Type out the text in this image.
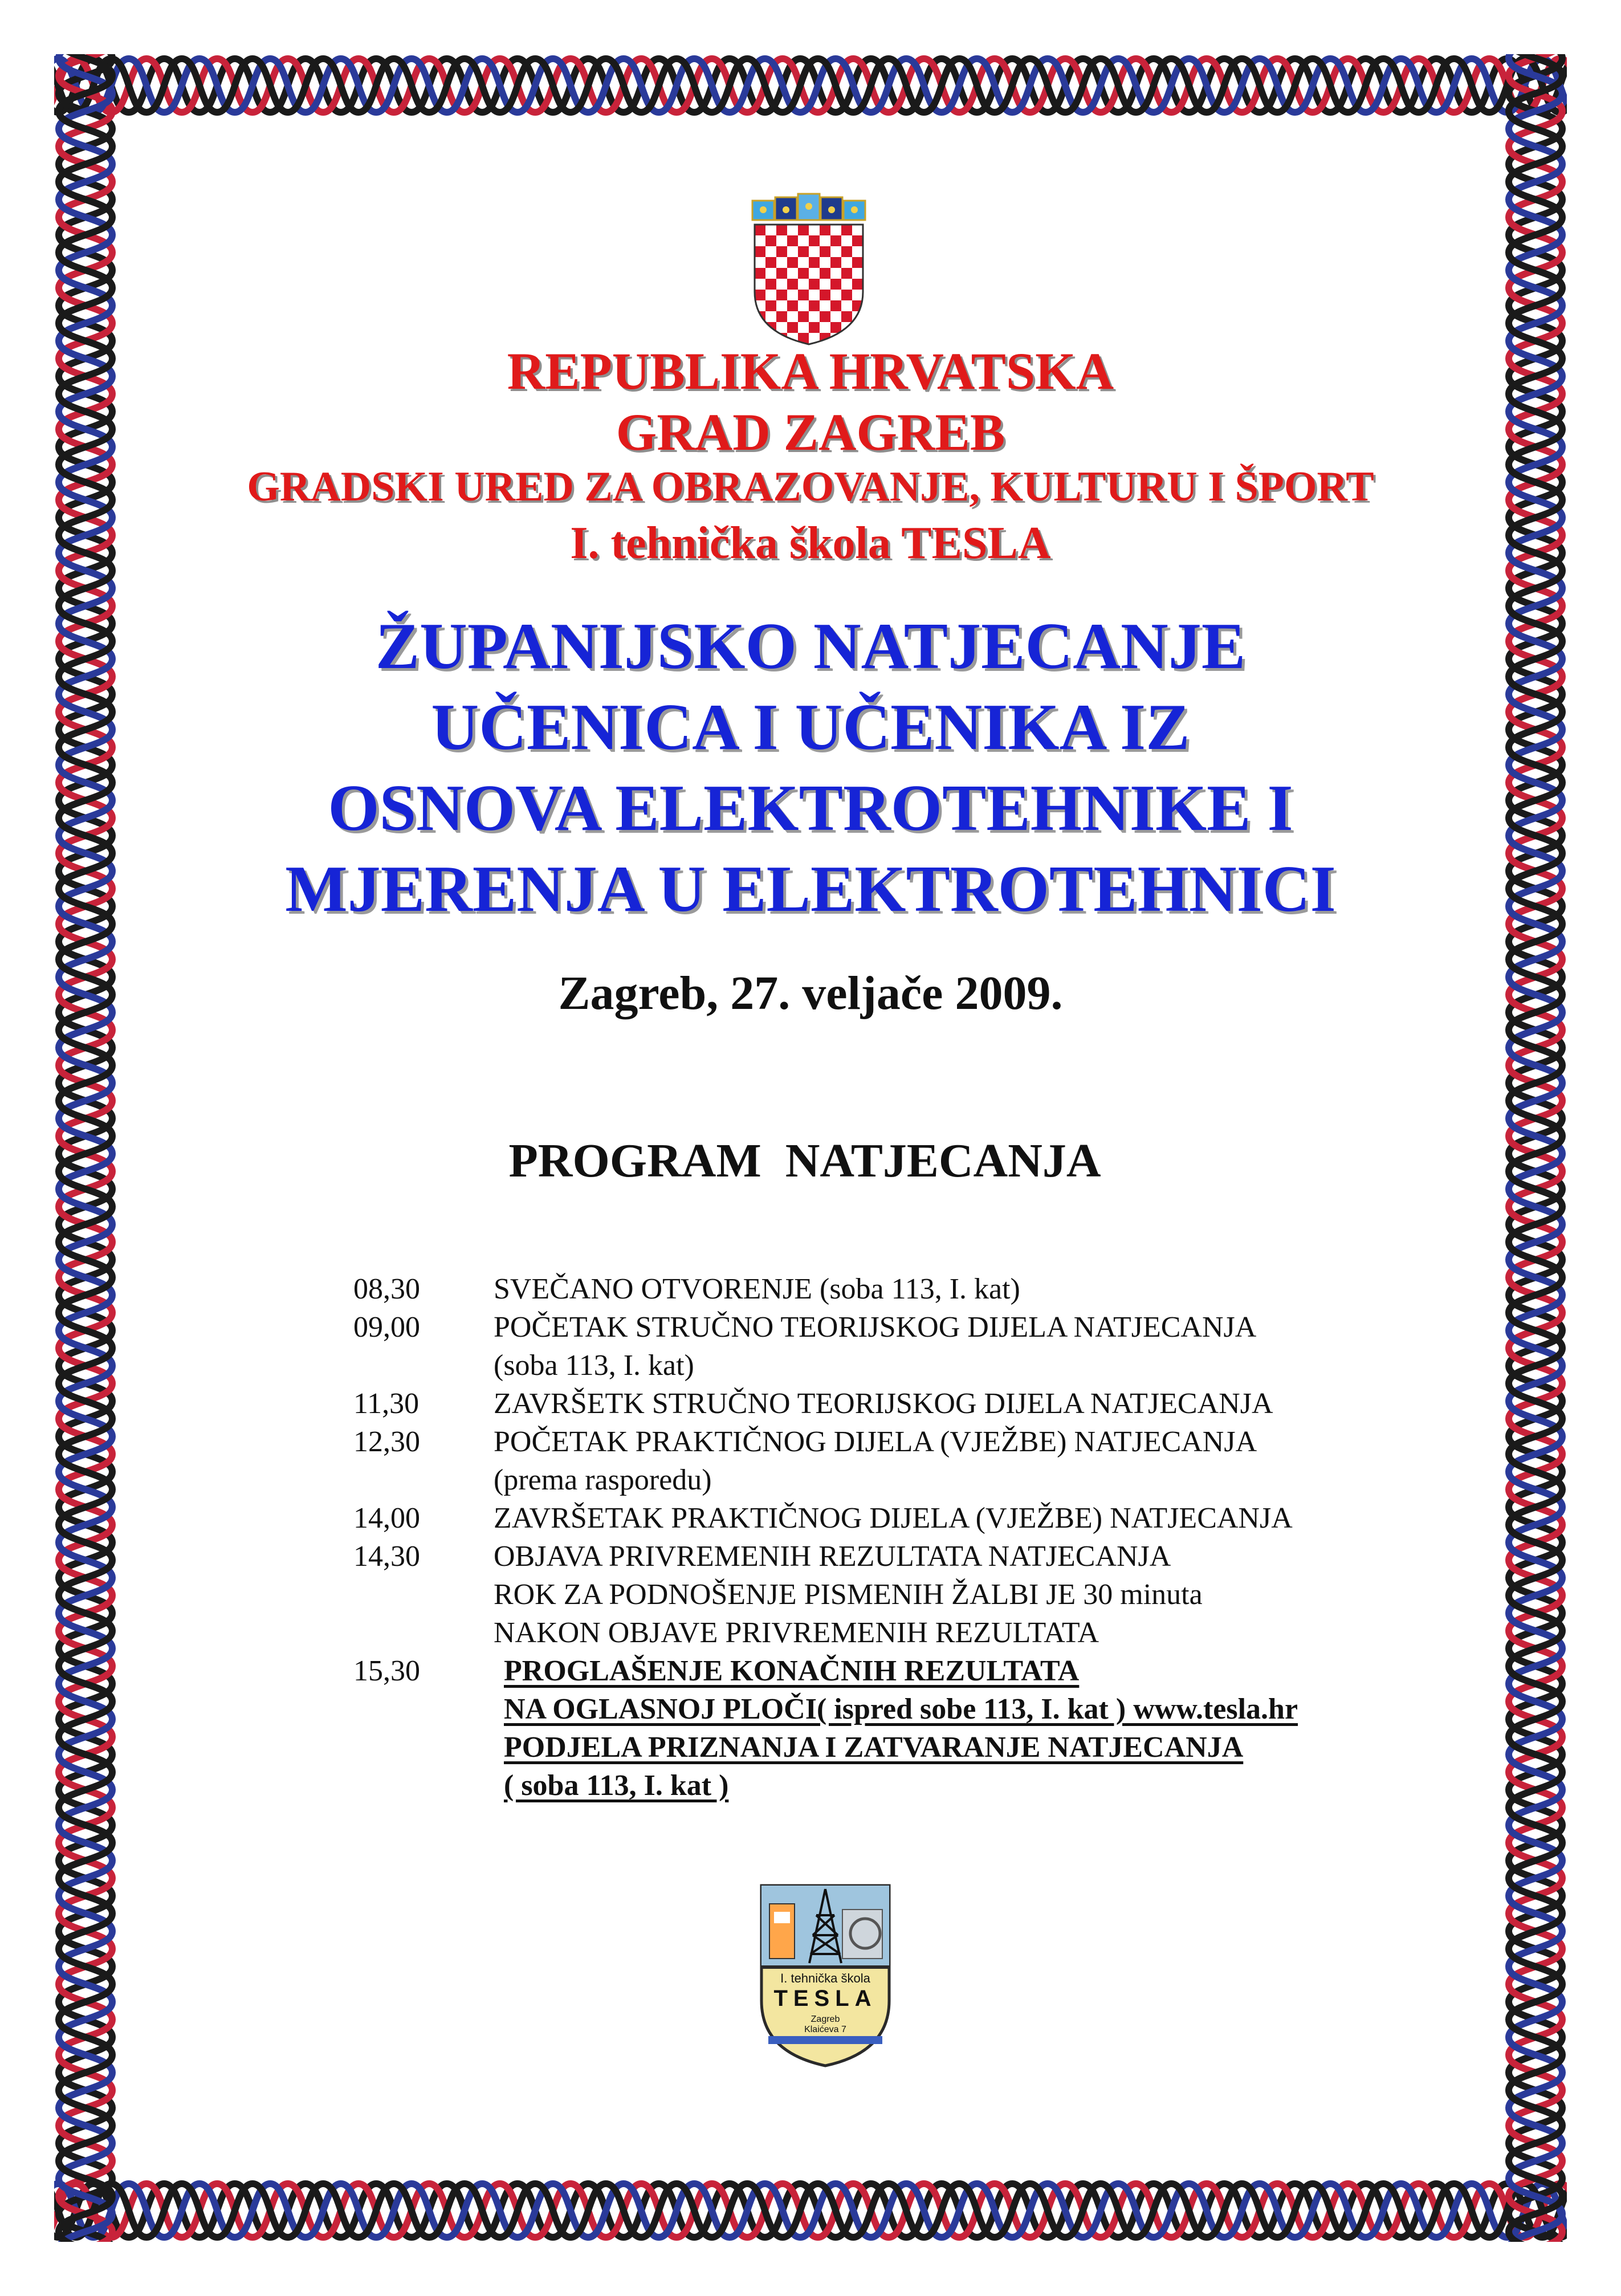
REPUBLIKA HRVATSKA
GRAD ZAGREB
GRADSKI URED ZA OBRAZOVANJE, KULTURU I ŠPORT
I. tehnička škola TESLA
ŽUPANIJSKO NATJECANJE
UČENICA I UČENIKA IZ
OSNOVA ELEKTROTEHNIKE I
MJERENJA U ELEKTROTEHNICI
Zagreb, 27. veljače 2009.
PROGRAM  NATJECANJA
08,30	SVEČANO OTVORENJE (soba 113, I. kat)
09,00	POČETAK STRUČNO TEORIJSKOG DIJELA NATJECANJA
(soba 113, I. kat)
11,30	ZAVRŠETK STRUČNO TEORIJSKOG DIJELA NATJECANJA
12,30	POČETAK PRAKTIČNOG DIJELA (VJEŽBE) NATJECANJA
(prema rasporedu)
14,00	ZAVRŠETAK PRAKTIČNOG DIJELA (VJEŽBE) NATJECANJA
14,30	OBJAVA PRIVREMENIH REZULTATA NATJECANJA
ROK ZA PODNOŠENJE PISMENIH ŽALBI JE 30 minuta
NAKON OBJAVE PRIVREMENIH REZULTATA
15,30	PROGLAŠENJE KONAČNIH REZULTATA
NA OGLASNOJ PLOČI( ispred sobe 113, I. kat ) www.tesla.hr
PODJELA PRIZNANJA I ZATVARANJE NATJECANJA
( soba 113, I. kat )
I. tehnička škola
TESLA
Zagreb
Klaićeva 7
